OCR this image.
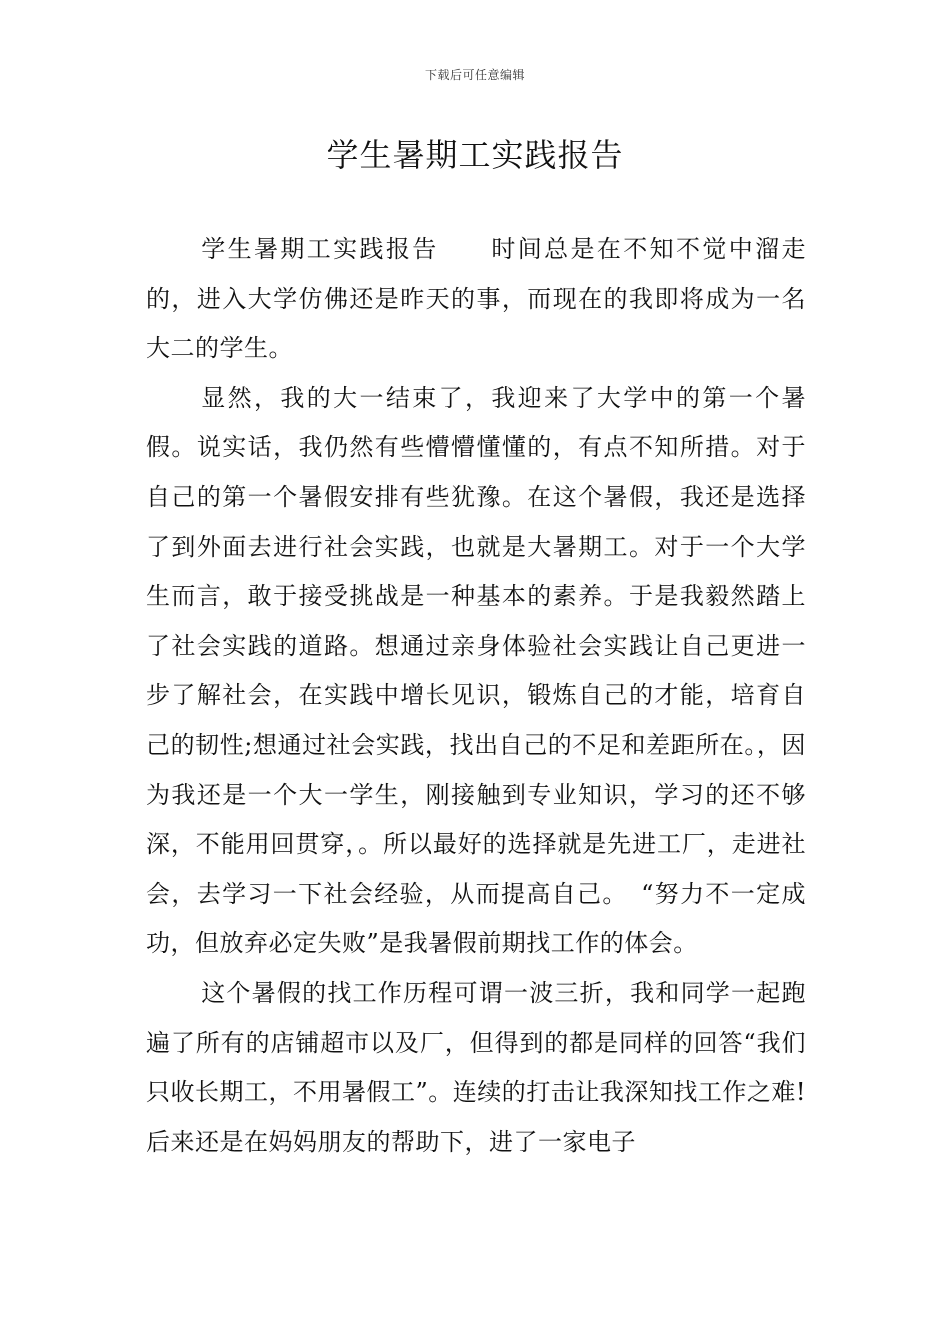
下载后可任意编辑
学生暑期工实践报告

学生暑期工实践报告　　时间总是在不知不觉中溜走的，进入大学仿佛还是昨天的事，而现在的我即将成为一名大二的学生。

显然，我的大一结束了，我迎来了大学中的第一个暑假。说实话，我仍然有些懵懵懂懂的，有点不知所措。对于自己的第一个暑假安排有些犹豫。在这个暑假，我还是选择了到外面去进行社会实践，也就是大暑期工。对于一个大学生而言，敢于接受挑战是一种基本的素养。于是我毅然踏上了社会实践的道路。想通过亲身体验社会实践让自己更进一步了解社会，在实践中增长见识，锻炼自己的才能，培育自己的韧性;想通过社会实践，找出自己的不足和差距所在。，因为我还是一个大一学生，刚接触到专业知识，学习的还不够深，不能用回贯穿，。所以最好的选择就是先进工厂，走进社会，去学习一下社会经验，从而提高自己。　“努力不一定成功，但放弃必定失败”是我暑假前期找工作的体会。

这个暑假的找工作历程可谓一波三折，我和同学一起跑遍了所有的店铺超市以及厂，但得到的都是同样的回答“我们只收长期工，不用暑假工”。连续的打击让我深知找工作之难!后来还是在妈妈朋友的帮助下，进了一家电子
